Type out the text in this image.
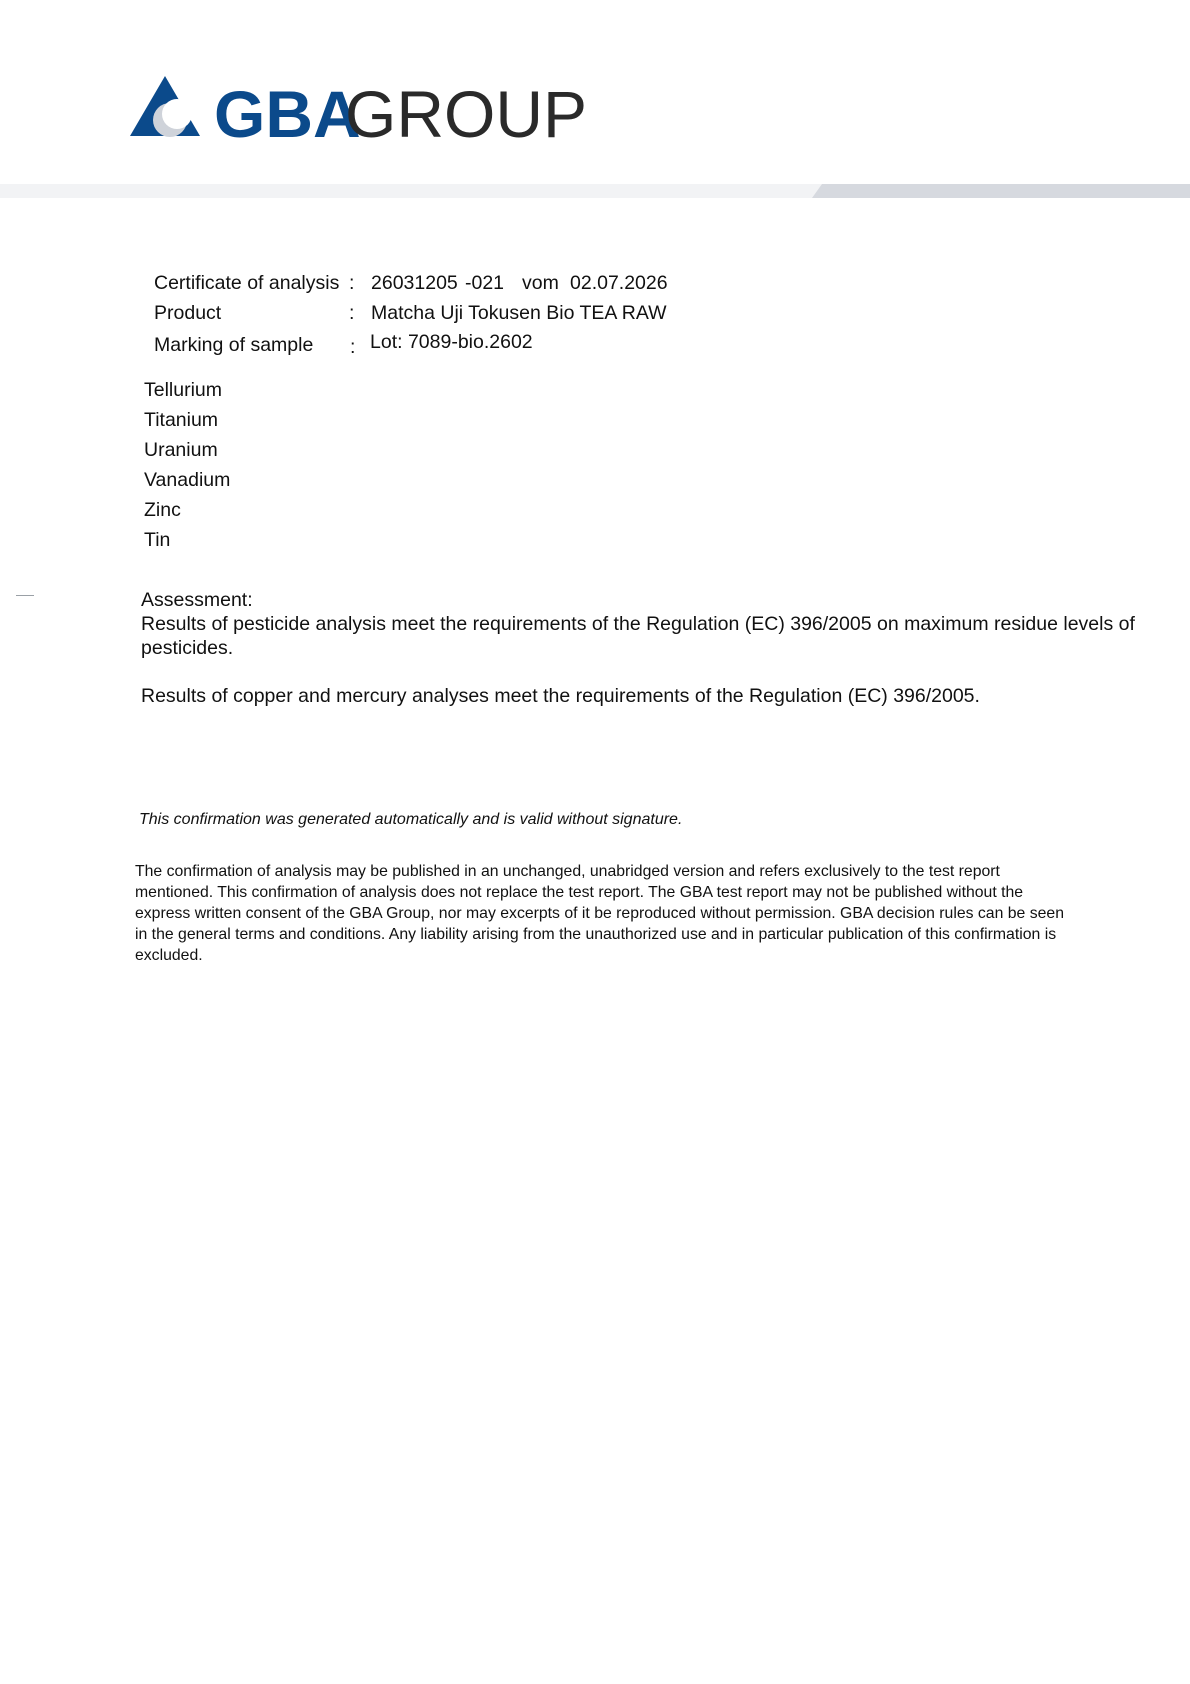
GBA
GROUP
Certificate of analysis : 26031205 -021 vom 02.07.2026
Product	: Matcha Uji Tokusen Bio TEA RAW
Marking of sample : Lot: 7089-bio.2602
Tellurium
Titanium
Uranium
Vanadium
Zinc
Tin

Assessment:

Results of pesticide analysis meet the requirements of the Regulation (EC) 396/2005 on maximum residue levels of pesticides.

Results of copper and mercury analyses meet the requirements of the Regulation (EC) 396/2005.

This confirmation was generated automatically and is valid without signature.
The confirmation of analysis may be published in an unchanged, unabridged version and refers exclusively to the test report mentioned. This confirmation of analysis does not replace the test report. The GBA test report may not be published without the express written consent of the GBA Group, nor may excerpts of it be reproduced without permission. GBA decision rules can be seen in the general terms and conditions. Any liability arising from the unauthorized use and in particular publication of this confirmation is excluded.
